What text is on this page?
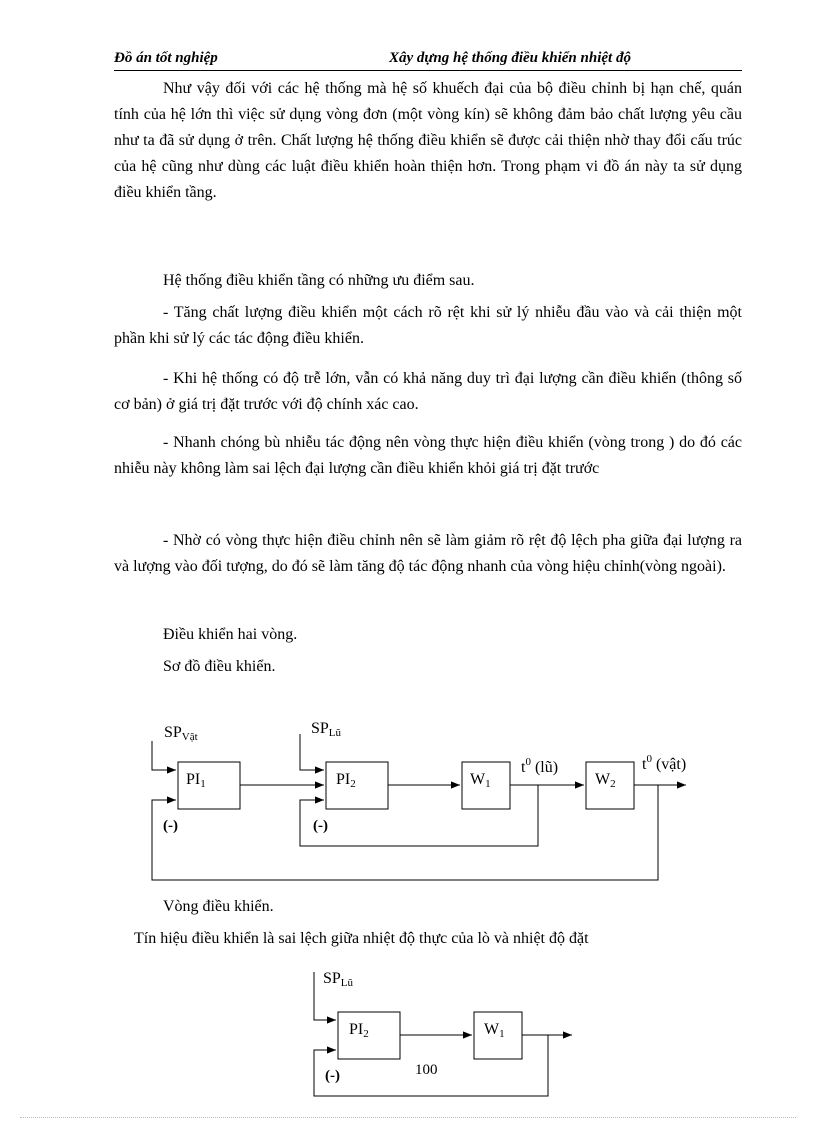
Đồ án tốt nghiệp	Xây dựng hệ thống điều khiển nhiệt độ

Như vậy đối với các hệ thống mà hệ số khuếch đại của bộ điều chỉnh bị hạn chế, quán tính của hệ lớn thì việc sử dụng vòng đơn (một vòng kín) sẽ không đảm bảo chất lượng yêu cầu như ta đã sử dụng ở trên. Chất lượng hệ thống điều khiển sẽ được cải thiện nhờ thay đổi cấu trúc của hệ cũng như dùng các luật điều khiển hoàn thiện hơn. Trong phạm vi đồ án này ta sử dụng điều khiển tầng.

Hệ thống điều khiển tầng có những ưu điểm sau.

- Tăng chất lượng điều khiển một cách rõ rệt khi sử lý nhiễu đầu vào và cải thiện một phần khi sử lý các tác động điều khiển.

- Khi hệ thống có độ trễ lớn, vẫn có khả năng duy trì đại lượng cần điều khiển (thông số cơ bản) ở giá trị đặt trước với độ chính xác cao.

- Nhanh chóng bù nhiễu tác động nên vòng thực hiện điều khiển (vòng trong ) do đó các nhiễu này không làm sai lệch đại lượng cần điều khiển khỏi giá trị đặt trước

- Nhờ có vòng thực hiện điều chỉnh nên sẽ làm giảm rõ rệt độ lệch pha giữa đại lượng ra và lượng vào đối tượng, do đó sẽ làm tăng độ tác động nhanh của vòng hiệu chỉnh(vòng ngoài).

Điều khiển hai vòng.

Sơ đồ điều khiển.

SPVật	SPLũ
PI1	PI2	W1	W2
$t^0$ (lũ)	$t^0$ (vật)
(-)	(-)
SPLũ
PI2	W1
(-)	100

Vòng điều khiển.

Tín hiệu điều khiển là sai lệch giữa nhiệt độ thực của lò và nhiệt độ đặt
